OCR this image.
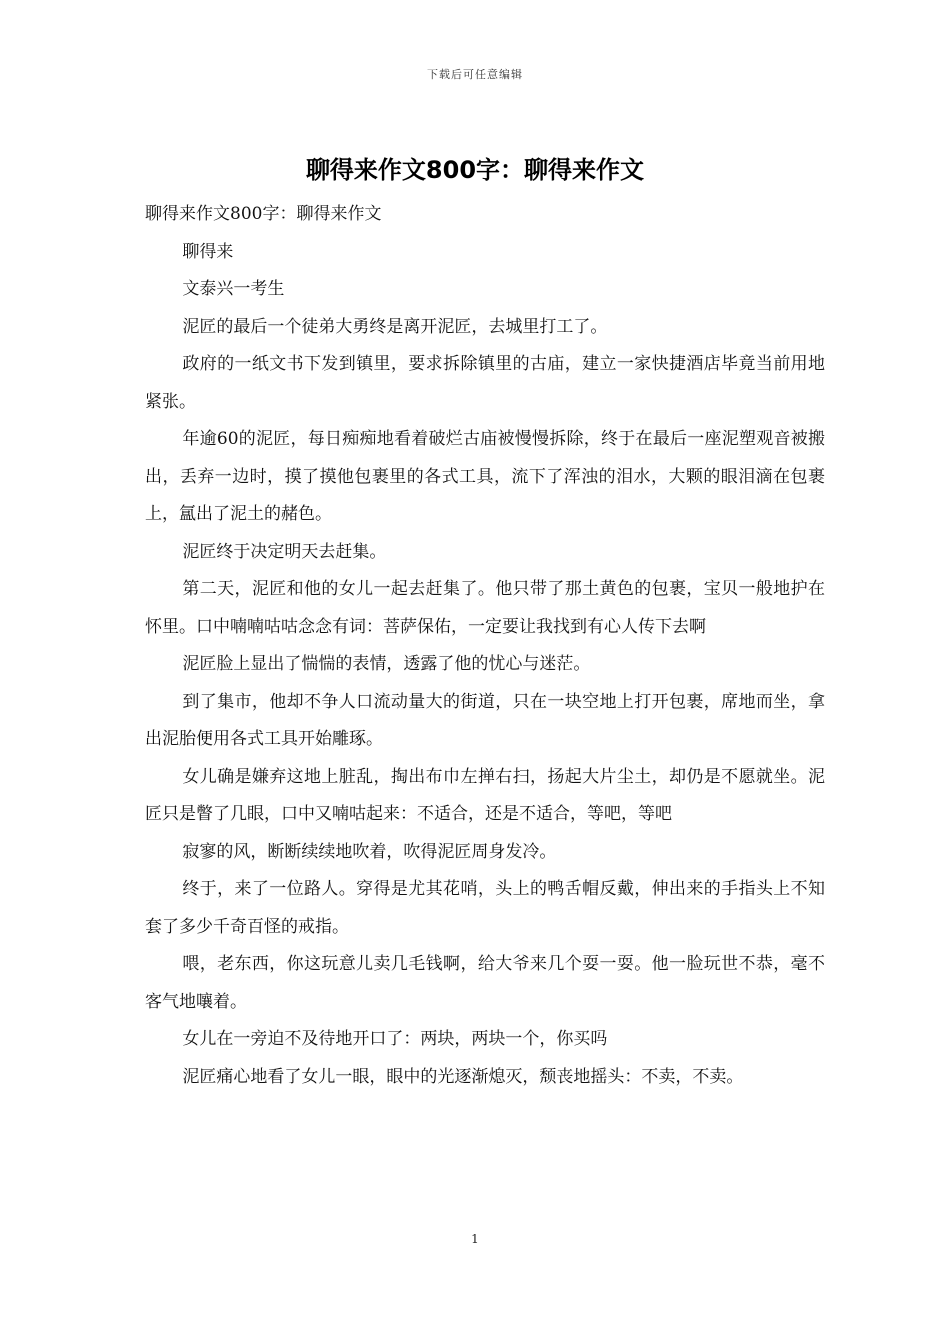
下载后可任意编辑
聊得来作文800字：聊得来作文

聊得来作文800字：聊得来作文

聊得来

文泰兴一考生

泥匠的最后一个徒弟大勇终是离开泥匠，去城里打工了。

政府的一纸文书下发到镇里，要求拆除镇里的古庙，建立一家快捷酒店毕竟当前用地紧张。

年逾60的泥匠，每日痴痴地看着破烂古庙被慢慢拆除，终于在最后一座泥塑观音被搬出，丢弃一边时，摸了摸他包裹里的各式工具，流下了浑浊的泪水，大颗的眼泪滴在包裹上，氲出了泥土的赭色。

泥匠终于决定明天去赶集。

第二天，泥匠和他的女儿一起去赶集了。他只带了那土黄色的包裹，宝贝一般地护在怀里。口中喃喃咕咕念念有词：菩萨保佑，一定要让我找到有心人传下去啊

泥匠脸上显出了惴惴的表情，透露了他的忧心与迷茫。

到了集市，他却不争人口流动量大的街道，只在一块空地上打开包裹，席地而坐，拿出泥胎便用各式工具开始雕琢。

女儿确是嫌弃这地上脏乱，掏出布巾左掸右扫，扬起大片尘土，却仍是不愿就坐。泥匠只是瞥了几眼，口中又喃咕起来：不适合，还是不适合，等吧，等吧

寂寥的风，断断续续地吹着，吹得泥匠周身发冷。

终于，来了一位路人。穿得是尤其花哨，头上的鸭舌帽反戴，伸出来的手指头上不知套了多少千奇百怪的戒指。

喂，老东西，你这玩意儿卖几毛钱啊，给大爷来几个耍一耍。他一脸玩世不恭，毫不客气地嚷着。

女儿在一旁迫不及待地开口了：两块，两块一个，你买吗

泥匠痛心地看了女儿一眼，眼中的光逐渐熄灭，颓丧地摇头：不卖，不卖。

1
